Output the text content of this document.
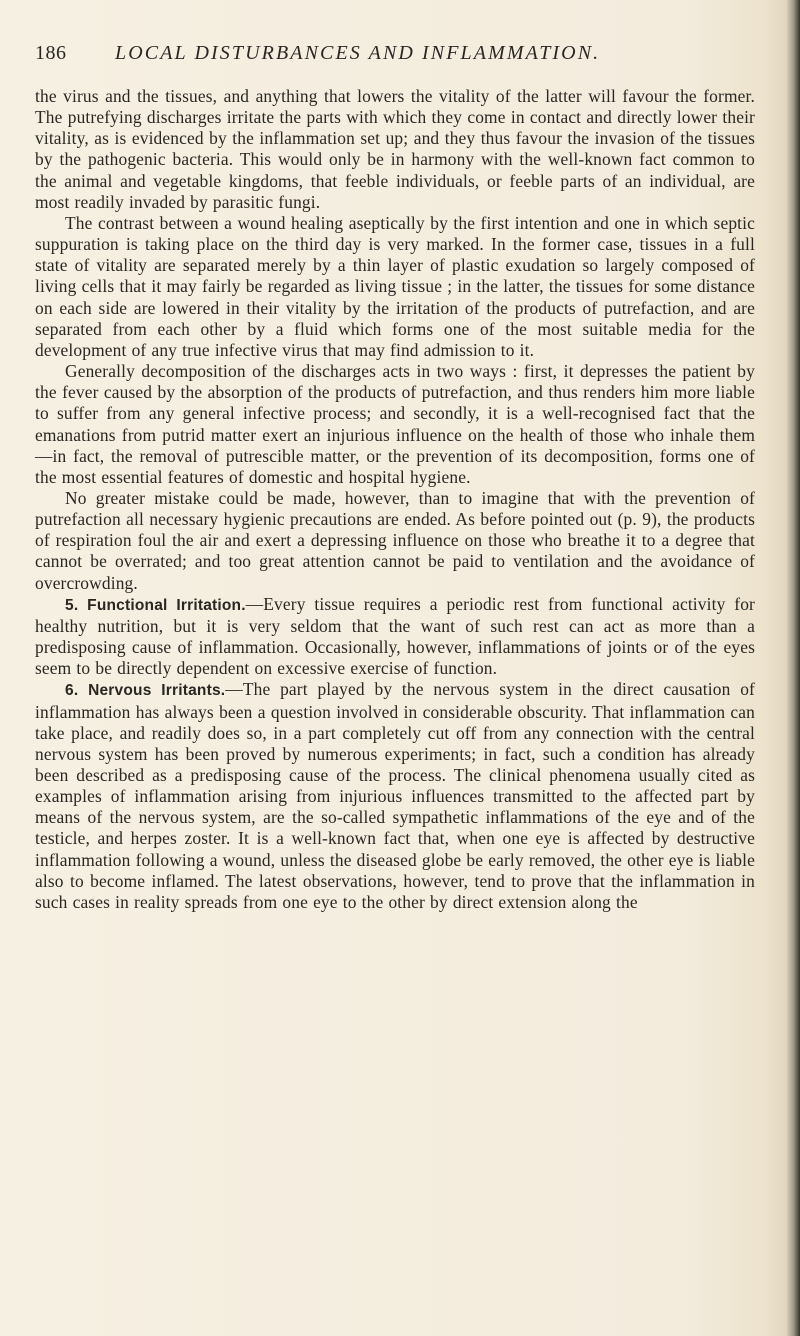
186 LOCAL DISTURBANCES AND INFLAMMATION.

the virus and the tissues, and anything that lowers the vitality of the latter will favour the former. The putrefying discharges irritate the parts with which they come in contact and directly lower their vitality, as is evidenced by the inflammation set up; and they thus favour the invasion of the tissues by the pathogenic bacteria. This would only be in harmony with the well-known fact common to the animal and vegetable kingdoms, that feeble individuals, or feeble parts of an individual, are most readily invaded by parasitic fungi.

The contrast between a wound healing aseptically by the first intention and one in which septic suppuration is taking place on the third day is very marked. In the former case, tissues in a full state of vitality are separated merely by a thin layer of plastic exudation so largely composed of living cells that it may fairly be regarded as living tissue ; in the latter, the tissues for some distance on each side are lowered in their vitality by the irritation of the products of putrefaction, and are separated from each other by a fluid which forms one of the most suitable media for the development of any true infective virus that may find admission to it.

Generally decomposition of the discharges acts in two ways : first, it depresses the patient by the fever caused by the absorption of the products of putrefaction, and thus renders him more liable to suffer from any general infective process; and secondly, it is a well-recognised fact that the emanations from putrid matter exert an injurious influence on the health of those who inhale them—in fact, the removal of putrescible matter, or the prevention of its decomposition, forms one of the most essential features of domestic and hospital hygiene.

No greater mistake could be made, however, than to imagine that with the prevention of putrefaction all necessary hygienic precautions are ended. As before pointed out (p. 9), the products of respiration foul the air and exert a depressing influence on those who breathe it to a degree that cannot be overrated; and too great attention cannot be paid to ventilation and the avoidance of overcrowding.

5. Functional Irritation.—Every tissue requires a periodic rest from functional activity for healthy nutrition, but it is very seldom that the want of such rest can act as more than a predisposing cause of inflammation. Occasionally, however, inflammations of joints or of the eyes seem to be directly dependent on excessive exercise of function.

6. Nervous Irritants.—The part played by the nervous system in the direct causation of inflammation has always been a question involved in considerable obscurity. That inflammation can take place, and readily does so, in a part completely cut off from any connection with the central nervous system has been proved by numerous experiments; in fact, such a condition has already been described as a predisposing cause of the process. The clinical phenomena usually cited as examples of inflammation arising from injurious influences transmitted to the affected part by means of the nervous system, are the so-called sympathetic inflammations of the eye and of the testicle, and herpes zoster. It is a well-known fact that, when one eye is affected by destructive inflammation following a wound, unless the diseased globe be early removed, the other eye is liable also to become inflamed. The latest observations, however, tend to prove that the inflammation in such cases in reality spreads from one eye to the other by direct extension along the
